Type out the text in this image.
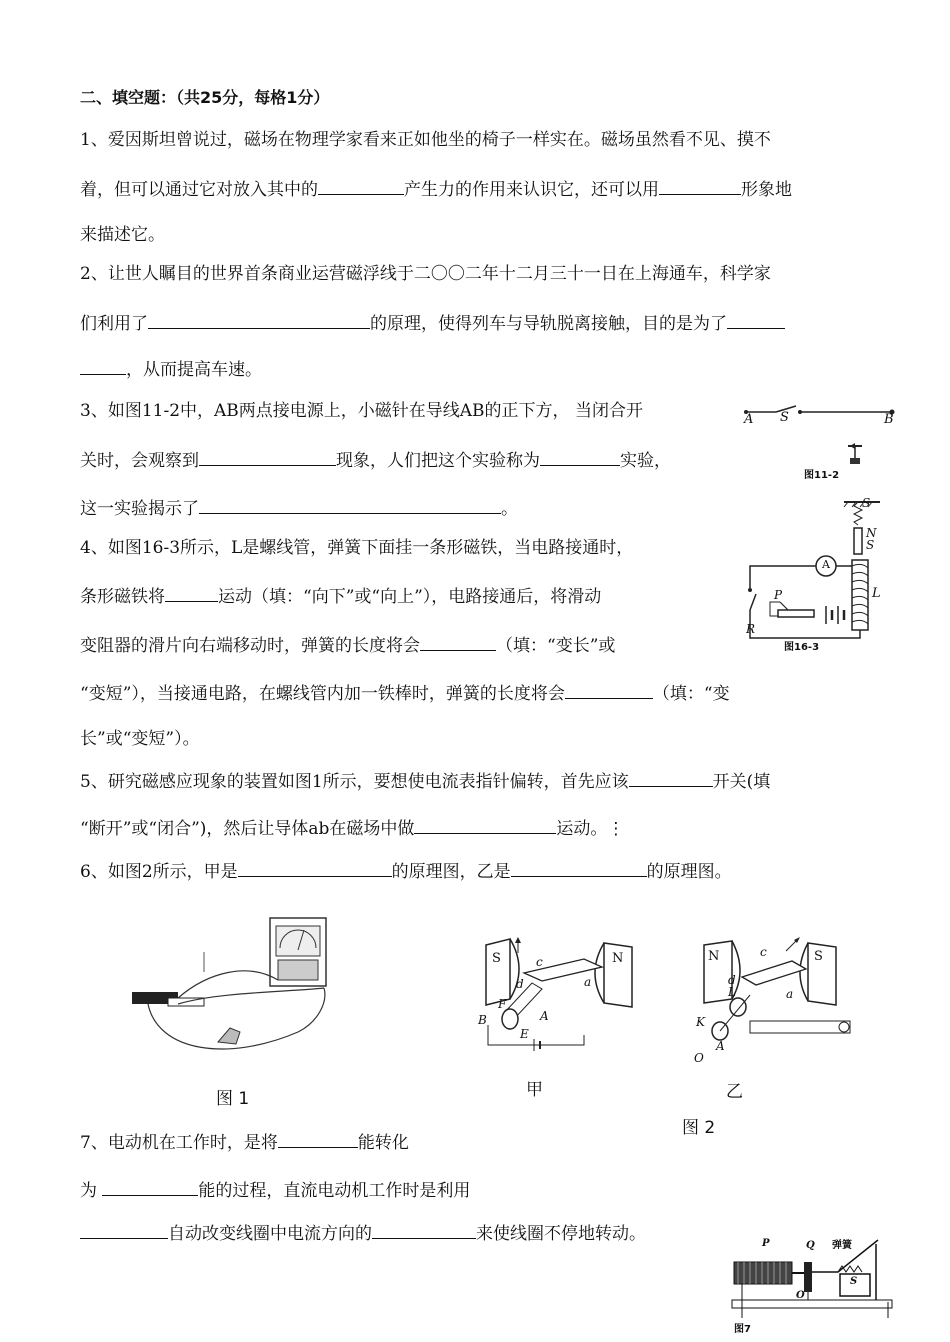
二、填空题：（共25分，每格1分）
1、爱因斯坦曾说过，磁场在物理学家看来正如他坐的椅子一样实在。磁场虽然看不见、摸不
着，但可以通过它对放入其中的	产生力的作用来认识它，还可以用	形象地
来描述它。
2、让世人瞩目的世界首条商业运营磁浮线于二〇〇二年十二月三十一日在上海通车，科学家
们利用了	的原理，使得列车与导轨脱离接触，目的是为了
，从而提高车速。
3、如图11-2中，AB两点接电源上，小磁针在导线AB的正下方， 当闭合开
关时，会观察到	现象，人们把这个实验称为	实验，
这一实验揭示了	。
4、如图16-3所示，L是螺线管，弹簧下面挂一条形磁铁，当电路接通时，
条形磁铁将	运动（填：“向下”或“向上”），电路接通后，将滑动
变阻器的滑片向右端移动时，弹簧的长度将会	（填：“变长”或
“变短”），当接通电路，在螺线管内加一铁棒时，弹簧的长度将会	（填：“变
长”或“变短”）。
5、研究磁感应现象的装置如图1所示，要想使电流表指针偏转，首先应该	开关(填
“断开”或“闭合”)，然后让导体ab在磁场中做	运动。⋮
6、如图2所示，甲是	的原理图，乙是	的原理图。
7、电动机在工作时，是将	能转化
为	能的过程，直流电动机工作时是利用
自动改变线圈中电流方向的	来使线圈不停地转动。
A S	B
图11-2
S
N
S
A
L
P
R
图16-3
图 1
S	N
c
d	a
F
B	A
E
甲
N	S
c
d
L	a
K
A
O
乙
图 2
P	Q 弹簧
S
O
图7
